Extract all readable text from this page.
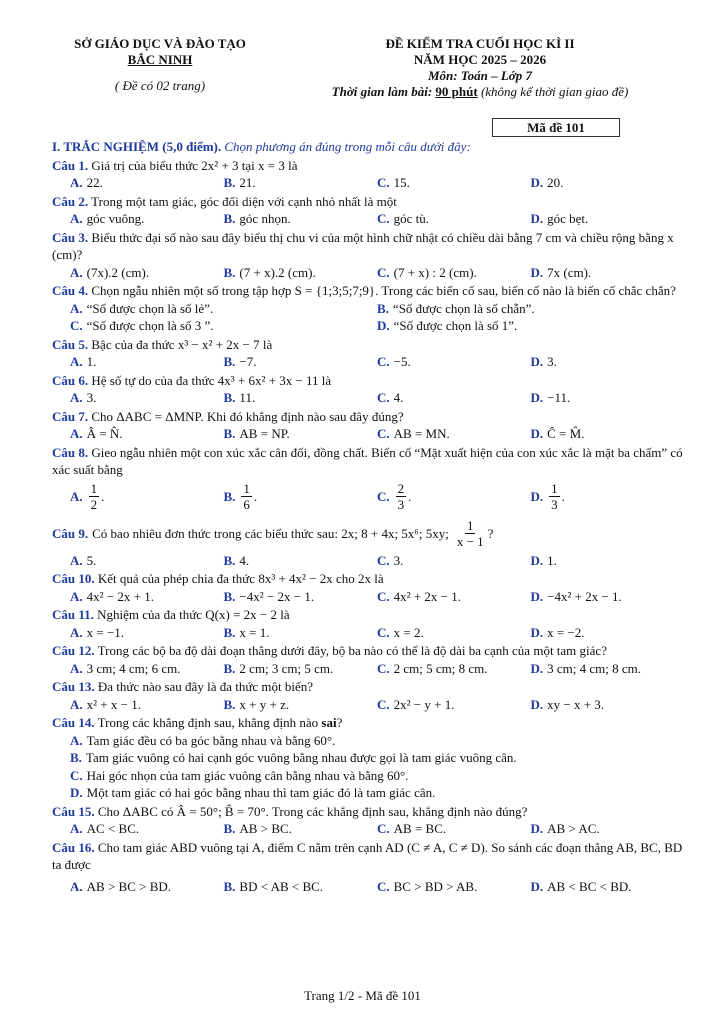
SỞ GIÁO DỤC VÀ ĐÀO TẠO
BẮC NINH
( Đề có 02 trang)
ĐỀ KIỂM TRA CUỐI HỌC KÌ II
NĂM HỌC 2025 – 2026
Môn: Toán – Lớp 7
Thời gian làm bài: 90 phút (không kể thời gian giao đề)
Mã đề 101
I. TRẮC NGHIỆM (5,0 điểm). Chọn phương án đúng trong mỗi câu dưới đây:
Câu 1. Giá trị của biểu thức 2x² + 3 tại x = 3 là
A. 22.	B. 21.	C. 15.	D. 20.
Câu 2. Trong một tam giác, góc đối diện với cạnh nhỏ nhất là một
A. góc vuông.	B. góc nhọn.	C. góc tù.	D. góc bẹt.
Câu 3. Biểu thức đại số nào sau đây biểu thị chu vi của một hình chữ nhật có chiều dài bằng 7 cm và chiều rộng bằng x (cm)?
A. (7x).2 (cm).	B. (7 + x).2 (cm).	C. (7 + x) : 2 (cm).	D. 7x (cm).
Câu 4. Chọn ngẫu nhiên một số trong tập hợp S = {1;3;5;7;9}. Trong các biến cố sau, biến cố nào là biến cố chắc chắn?
A. “Số được chọn là số lẻ”.	B. “Số được chọn là số chẵn”.
C. “Số được chọn là số 3 ”.	D. “Số được chọn là số 1”.
Câu 5. Bậc của đa thức x³ − x² + 2x − 7 là
A. 1.	B. −7.	C. −5.	D. 3.
Câu 6. Hệ số tự do của đa thức 4x³ + 6x² + 3x − 11 là
A. 3.	B. 11.	C. 4.	D. −11.
Câu 7. Cho ΔABC = ΔMNP. Khi đó khẳng định nào sau đây đúng?
A. Â = N̂.	B. AB = NP.	C. AB = MN.	D. Ĉ = M̂.
Câu 8. Gieo ngẫu nhiên một con xúc xắc cân đối, đồng chất. Biến cố “Mặt xuất hiện của con xúc xắc là mặt ba chấm” có xác suất bằng
A. $\frac{1}{2}$ .	B. $\frac{1}{6}$ .	C. $\frac{2}{3}$ .	D. $\frac{1}{3}$ .
Câu 9. Có bao nhiêu đơn thức trong các biểu thức sau: 2x; 8 + 4x; 5x⁶; 5xy; $\frac{1}{x - 1}$ ?
A. 5.	B. 4.	C. 3.	D. 1.
Câu 10. Kết quả của phép chia đa thức 8x³ + 4x² − 2x cho 2x là
A. 4x² − 2x + 1.	B. −4x² − 2x − 1.	C. 4x² + 2x − 1.	D. −4x² + 2x − 1.
Câu 11. Nghiệm của đa thức Q(x) = 2x − 2 là
A. x = −1.	B. x = 1.	C. x = 2.	D. x = −2.
Câu 12. Trong các bộ ba độ dài đoạn thẳng dưới đây, bộ ba nào có thể là độ dài ba cạnh của một tam giác?
A. 3 cm; 4 cm; 6 cm.	B. 2 cm; 3 cm; 5 cm.	C. 2 cm; 5 cm; 8 cm.	D. 3 cm; 4 cm; 8 cm.
Câu 13. Đa thức nào sau đây là đa thức một biến?
A. x² + x − 1.	B. x + y + z.	C. 2x² − y + 1.	D. xy − x + 3.
Câu 14. Trong các khẳng định sau, khẳng định nào sai?
A. Tam giác đều có ba góc bằng nhau và bằng 60°.
B. Tam giác vuông có hai cạnh góc vuông bằng nhau được gọi là tam giác vuông cân.
C. Hai góc nhọn của tam giác vuông cân bằng nhau và bằng 60°.
D. Một tam giác có hai góc bằng nhau thì tam giác đó là tam giác cân.
Câu 15. Cho ΔABC có Â = 50°; B̂ = 70°. Trong các khẳng định sau, khẳng định nào đúng?
A. AC < BC.	B. AB > BC.	C. AB = BC.	D. AB > AC.
Câu 16. Cho tam giác ABD vuông tại A, điểm C nằm trên cạnh AD (C ≠ A, C ≠ D). So sánh các đoạn thẳng AB, BC, BD ta được
A. AB > BC > BD.	B. BD < AB < BC.	C. BC > BD > AB.	D. AB < BC < BD.
Trang 1/2 - Mã đề 101
